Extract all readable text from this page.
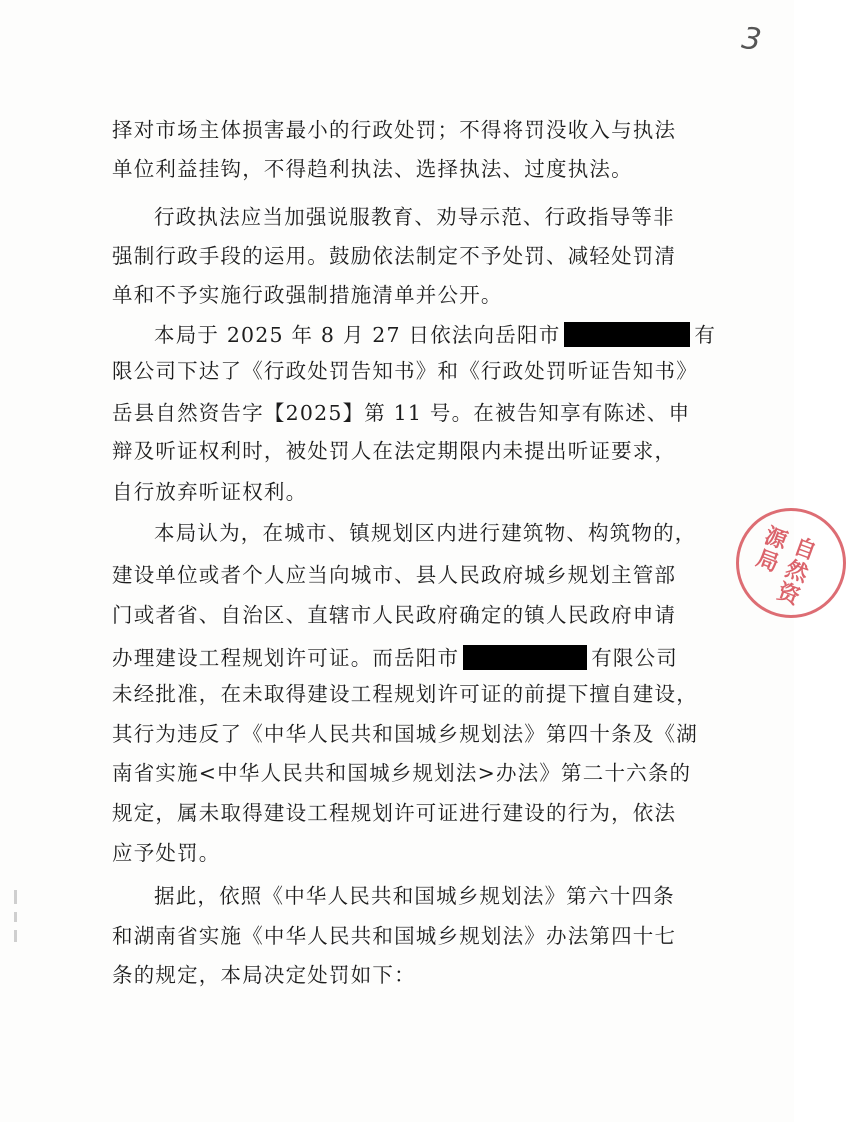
3
择对市场主体损害最小的行政处罚；不得将罚没收入与执法
单位利益挂钩，不得趋利执法、选择执法、过度执法。
行政执法应当加强说服教育、劝导示范、行政指导等非
强制行政手段的运用。鼓励依法制定不予处罚、减轻处罚清
单和不予实施行政强制措施清单并公开。
本局于 2025 年 8 月 27 日依法向岳阳市	有
限公司下达了《行政处罚告知书》和《行政处罚听证告知书》
岳县自然资告字【2025】第 11 号。在被告知享有陈述、申
辩及听证权利时，被处罚人在法定期限内未提出听证要求，
自行放弃听证权利。
本局认为，在城市、镇规划区内进行建筑物、构筑物的，
建设单位或者个人应当向城市、县人民政府城乡规划主管部
门或者省、自治区、直辖市人民政府确定的镇人民政府申请
办理建设工程规划许可证。而岳阳市	有限公司
未经批准，在未取得建设工程规划许可证的前提下擅自建设，
其行为违反了《中华人民共和国城乡规划法》第四十条及《湖
南省实施<中华人民共和国城乡规划法>办法》第二十六条的
规定，属未取得建设工程规划许可证进行建设的行为，依法
应予处罚。
据此，依照《中华人民共和国城乡规划法》第六十四条
和湖南省实施《中华人民共和国城乡规划法》办法第四十七
条的规定，本局决定处罚如下：
自然资源局
